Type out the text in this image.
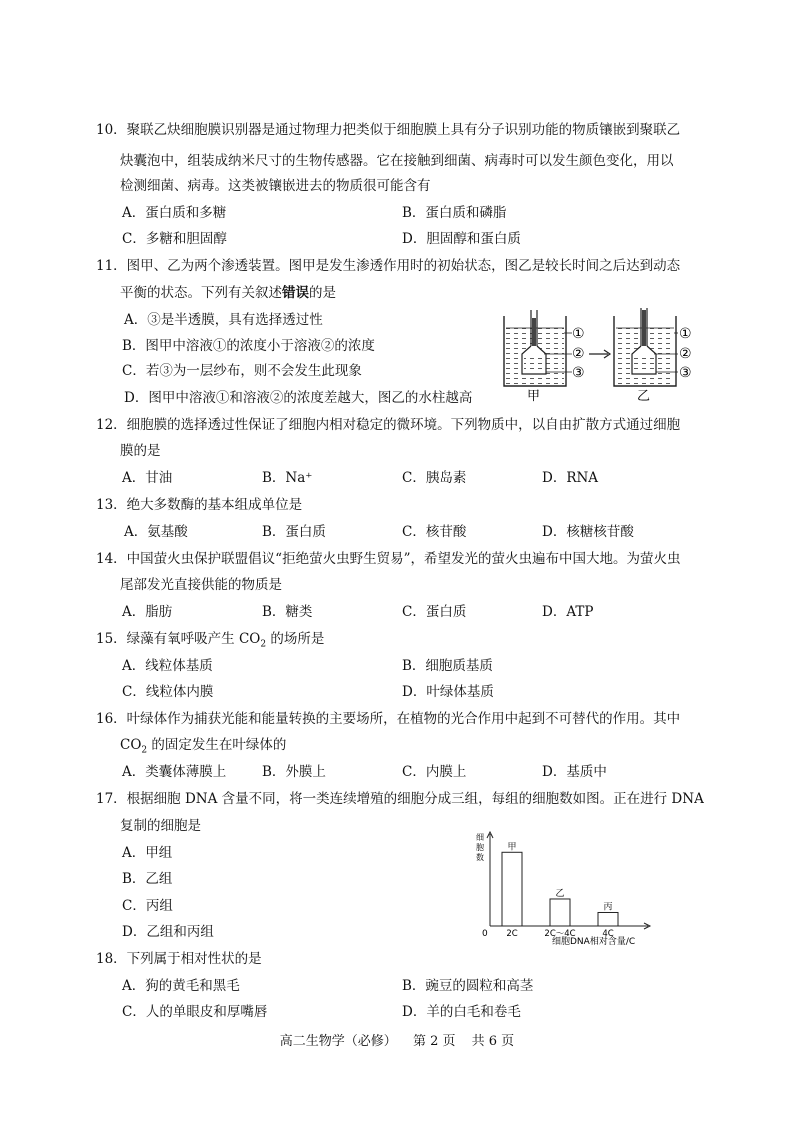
10．聚联乙炔细胞膜识别器是通过物理力把类似于细胞膜上具有分子识别功能的物质镶嵌到聚联乙
炔囊泡中，组装成纳米尺寸的生物传感器。它在接触到细菌、病毒时可以发生颜色变化，用以
检测细菌、病毒。这类被镶嵌进去的物质很可能含有
A．蛋白质和多糖	B．蛋白质和磷脂
C．多糖和胆固醇	D．胆固醇和蛋白质
11．图甲、乙为两个渗透装置。图甲是发生渗透作用时的初始状态，图乙是较长时间之后达到动态
平衡的状态。下列有关叙述错误的是
A．③是半透膜，具有选择透过性
B．图甲中溶液①的浓度小于溶液②的浓度
C．若③为一层纱布，则不会发生此现象
D．图甲中溶液①和溶液②的浓度差越大，图乙的水柱越高
①
②
③
甲
①
②
③
乙
12．细胞膜的选择透过性保证了细胞内相对稳定的微环境。下列物质中，以自由扩散方式通过细胞
膜的是
A．甘油	B．Na⁺	C．胰岛素	D．RNA
13．绝大多数酶的基本组成单位是
A．氨基酸	B．蛋白质	C．核苷酸	D．核糖核苷酸
14．中国萤火虫保护联盟倡议“拒绝萤火虫野生贸易”，希望发光的萤火虫遍布中国大地。为萤火虫
尾部发光直接供能的物质是
A．脂肪	B．糖类	C．蛋白质	D．ATP
15．绿藻有氧呼吸产生 $CO_2$ 的场所是
A．线粒体基质	B．细胞质基质
C．线粒体内膜	D．叶绿体基质
16．叶绿体作为捕获光能和能量转换的主要场所，在植物的光合作用中起到不可替代的作用。其中
$CO_2$ 的固定发生在叶绿体的
A．类囊体薄膜上	B．外膜上	C．内膜上	D．基质中
17．根据细胞 DNA 含量不同，将一类连续增殖的细胞分成三组，每组的细胞数如图。正在进行 DNA
复制的细胞是
A．甲组
B．乙组
C．丙组
D．乙组和丙组
细胞数
0
细胞DNA相对含量/C
甲
2C
乙
2C～4C
丙
4C
18．下列属于相对性状的是
A．狗的黄毛和黑毛	B．豌豆的圆粒和高茎
C．人的单眼皮和厚嘴唇	D．羊的白毛和卷毛
高二生物学（必修） 第 2 页 共 6 页
